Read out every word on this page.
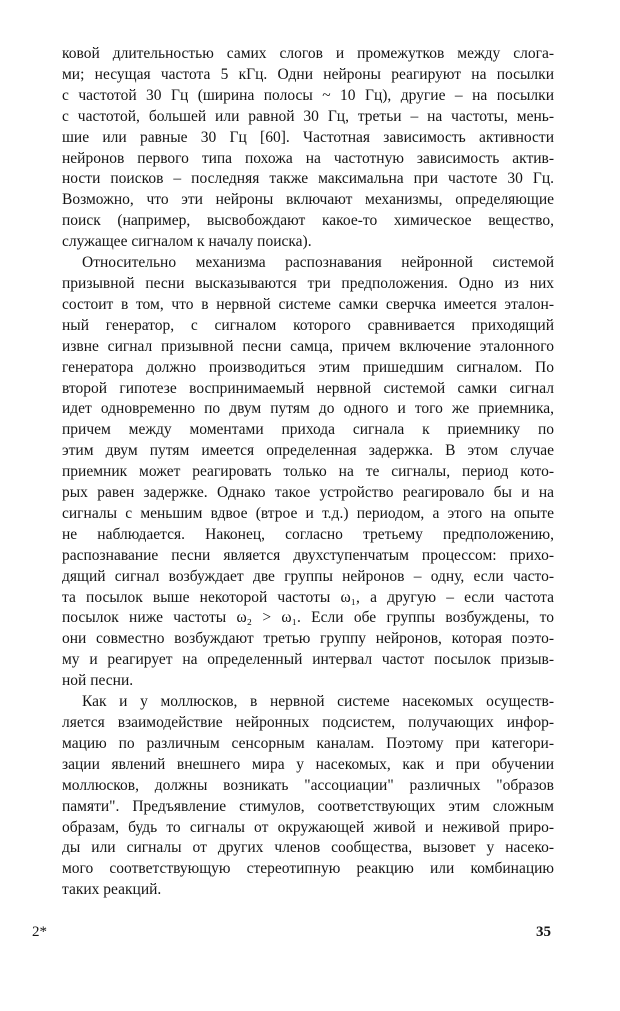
ковой длительностью самих слогов и промежутков между слога-

ми; несущая частота 5 кГц. Одни нейроны реагируют на посылки

с частотой 30 Гц (ширина полосы ~ 10 Гц), другие – на посылки

с частотой, большей или равной 30 Гц, третьи – на частоты, мень-

шие или равные 30 Гц [60]. Частотная зависимость активности

нейронов первого типа похожа на частотную зависимость актив-

ности поисков – последняя также максимальна при частоте 30 Гц.

Возможно, что эти нейроны включают механизмы, определяющие

поиск (например, высвобождают какое-то химическое вещество,

служащее сигналом к началу поиска).

Относительно механизма распознавания нейронной системой

призывной песни высказываются три предположения. Одно из них

состоит в том, что в нервной системе самки сверчка имеется эталон-

ный генератор, с сигналом которого сравнивается приходящий

извне сигнал призывной песни самца, причем включение эталонного

генератора должно производиться этим пришедшим сигналом. По

второй гипотезе воспринимаемый нервной системой самки сигнал

идет одновременно по двум путям до одного и того же приемника,

причем между моментами прихода сигнала к приемнику по

этим двум путям имеется определенная задержка. В этом случае

приемник может реагировать только на те сигналы, период кото-

рых равен задержке. Однако такое устройство реагировало бы и на

сигналы с меньшим вдвое (втрое и т.д.) периодом, а этого на опыте

не наблюдается. Наконец, согласно третьему предположению,

распознавание песни является двухступенчатым процессом: прихо-

дящий сигнал возбуждает две группы нейронов – одну, если часто-

та посылок выше некоторой частоты ω₁, а другую – если частота

посылок ниже частоты ω₂ > ω₁. Если обе группы возбуждены, то

они совместно возбуждают третью группу нейронов, которая поэто-

му и реагирует на определенный интервал частот посылок призыв-

ной песни.

Как и у моллюсков, в нервной системе насекомых осуществ-

ляется взаимодействие нейронных подсистем, получающих инфор-

мацию по различным сенсорным каналам. Поэтому при категори-

зации явлений внешнего мира у насекомых, как и при обучении

моллюсков, должны возникать "ассоциации" различных "образов

памяти". Предъявление стимулов, соответствующих этим сложным

образам, будь то сигналы от окружающей живой и неживой приро-

ды или сигналы от других членов сообщества, вызовет у насеко-

мого соответствующую стереотипную реакцию или комбинацию

таких реакций.

2*	35
